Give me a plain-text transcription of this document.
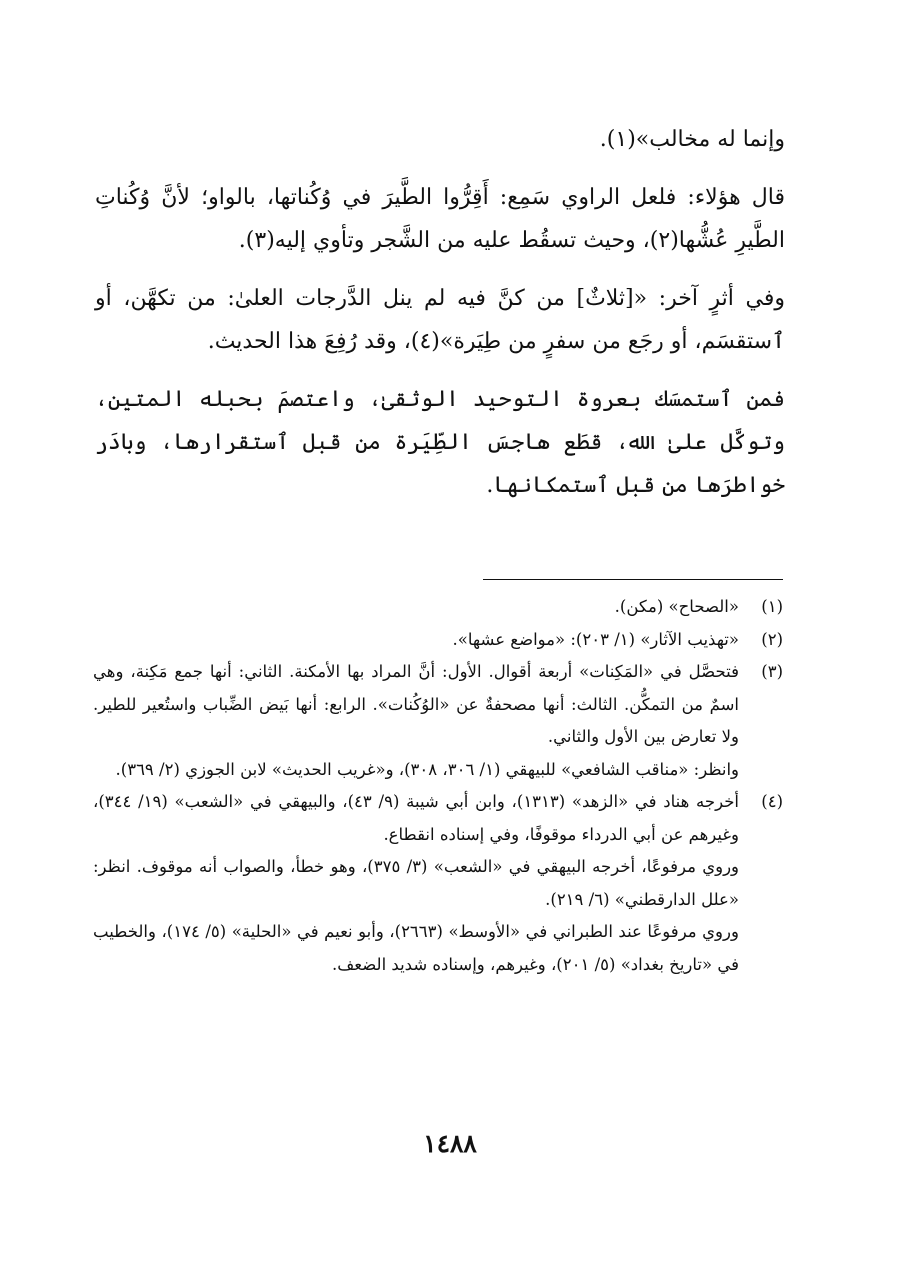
وإنما له مخالب»(١).

قال هؤلاء: فلعل الراوي سَمِع: أَقِرُّوا الطَّيرَ في وُكُناتها، بالواو؛ لأنَّ وُكُناتِ الطَّيرِ عُشُّها(٢)، وحيث تسقُط عليه من الشَّجر وتأوي إليه(٣).

وفي أثرٍ آخر: «[ثلاثٌ] من كنَّ فيه لم ينل الدَّرجات العلىٰ: من تكهَّن، أو ٱستقسَم، أو رجَع من سفرٍ من طِيَرة»(٤)، وقد رُفِعَ هذا الحديث.

فمن ٱستمسَك بعروة التوحيد الوثقىٰ، واعتصمَ بحبله المتين، وتوكَّل علىٰ الله، قطَع هاجسَ الطِّيَرة من قبل ٱستقرارها، وبادَر خواطرَها من قبل ٱستمكانها.

(١)

«الصحاح» (مكن).

(٢)

«تهذيب الآثار» (١/ ٢٠٣): «مواضع عشها».

(٣)

فتحصَّل في «المَكِنات» أربعة أقوال. الأول: أنَّ المراد بها الأمكنة. الثاني: أنها جمع مَكِنة، وهي اسمٌ من التمكُّن. الثالث: أنها مصحفةٌ عن «الوُكُنات». الرابع: أنها بَيض الضِّباب واستُعير للطير. ولا تعارض بين الأول والثاني.

وانظر: «مناقب الشافعي» للبيهقي (١/ ٣٠٦، ٣٠٨)، و«غريب الحديث» لابن الجوزي (٢/ ٣٦٩).

(٤)

أخرجه هناد في «الزهد» (١٣١٣)، وابن أبي شيبة (٩/ ٤٣)، والبيهقي في «الشعب» (١٩/ ٣٤٤)، وغيرهم عن أبي الدرداء موقوفًا، وفي إسناده انقطاع.

وروي مرفوعًا، أخرجه البيهقي في «الشعب» (٣/ ٣٧٥)، وهو خطأ، والصواب أنه موقوف. انظر: «علل الدارقطني» (٦/ ٢١٩).

وروي مرفوعًا عند الطبراني في «الأوسط» (٢٦٦٣)، وأبو نعيم في «الحلية» (٥/ ١٧٤)، والخطيب في «تاريخ بغداد» (٥/ ٢٠١)، وغيرهم، وإسناده شديد الضعف.

١٤٨٨
